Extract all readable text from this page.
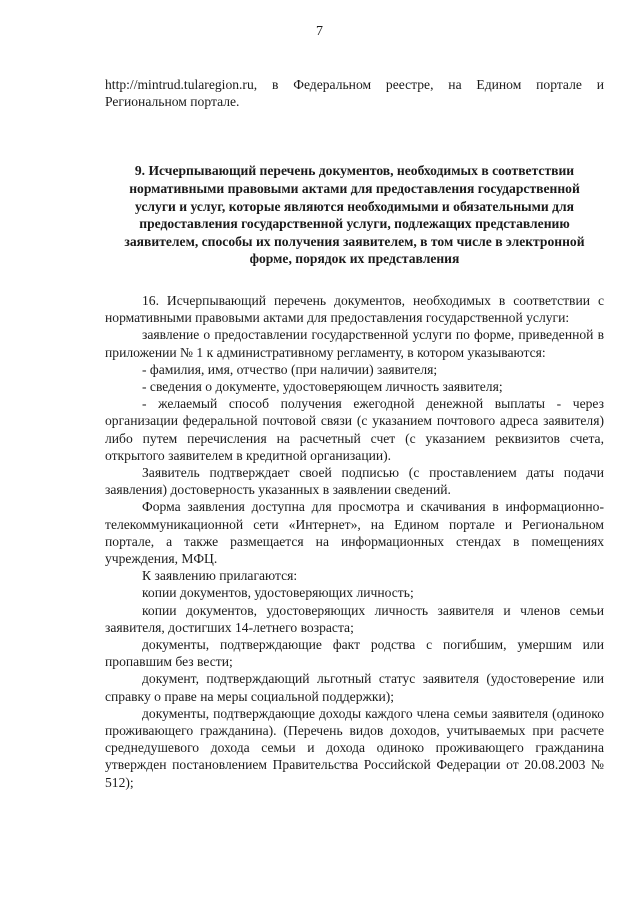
7

http://mintrud.tularegion.ru, в Федеральном реестре, на Едином портале и Региональном портале.

9. Исчерпывающий перечень документов, необходимых в соответствии нормативными правовыми актами для предоставления государственной услуги и услуг, которые являются необходимыми и обязательными для предоставления государственной услуги, подлежащих представлению заявителем, способы их получения заявителем, в том числе в электронной форме, порядок их представления

16. Исчерпывающий перечень документов, необходимых в соответствии с нормативными правовыми актами для предоставления государственной услуги:

заявление о предоставлении государственной услуги по форме, приведенной в приложении № 1 к административному регламенту, в котором указываются:

- фамилия, имя, отчество (при наличии) заявителя;

- сведения о документе, удостоверяющем личность заявителя;

- желаемый способ получения ежегодной денежной выплаты - через организации федеральной почтовой связи (с указанием почтового адреса заявителя) либо путем перечисления на расчетный счет (с указанием реквизитов счета, открытого заявителем в кредитной организации).

Заявитель подтверждает своей подписью (с проставлением даты подачи заявления) достоверность указанных в заявлении сведений.

Форма заявления доступна для просмотра и скачивания в информационно-телекоммуникационной сети «Интернет», на Едином портале и Региональном портале, а также размещается на информационных стендах в помещениях учреждения, МФЦ.

К заявлению прилагаются:

копии документов, удостоверяющих личность;

копии документов, удостоверяющих личность заявителя и членов семьи заявителя, достигших 14-летнего возраста;

документы, подтверждающие факт родства с погибшим, умершим или пропавшим без вести;

документ, подтверждающий льготный статус заявителя (удостоверение или справку о праве на меры социальной поддержки);

документы, подтверждающие доходы каждого члена семьи заявителя (одиноко проживающего гражданина). (Перечень видов доходов, учитываемых при расчете среднедушевого дохода семьи и дохода одиноко проживающего гражданина утвержден постановлением Правительства Российской Федерации от 20.08.2003 № 512);
